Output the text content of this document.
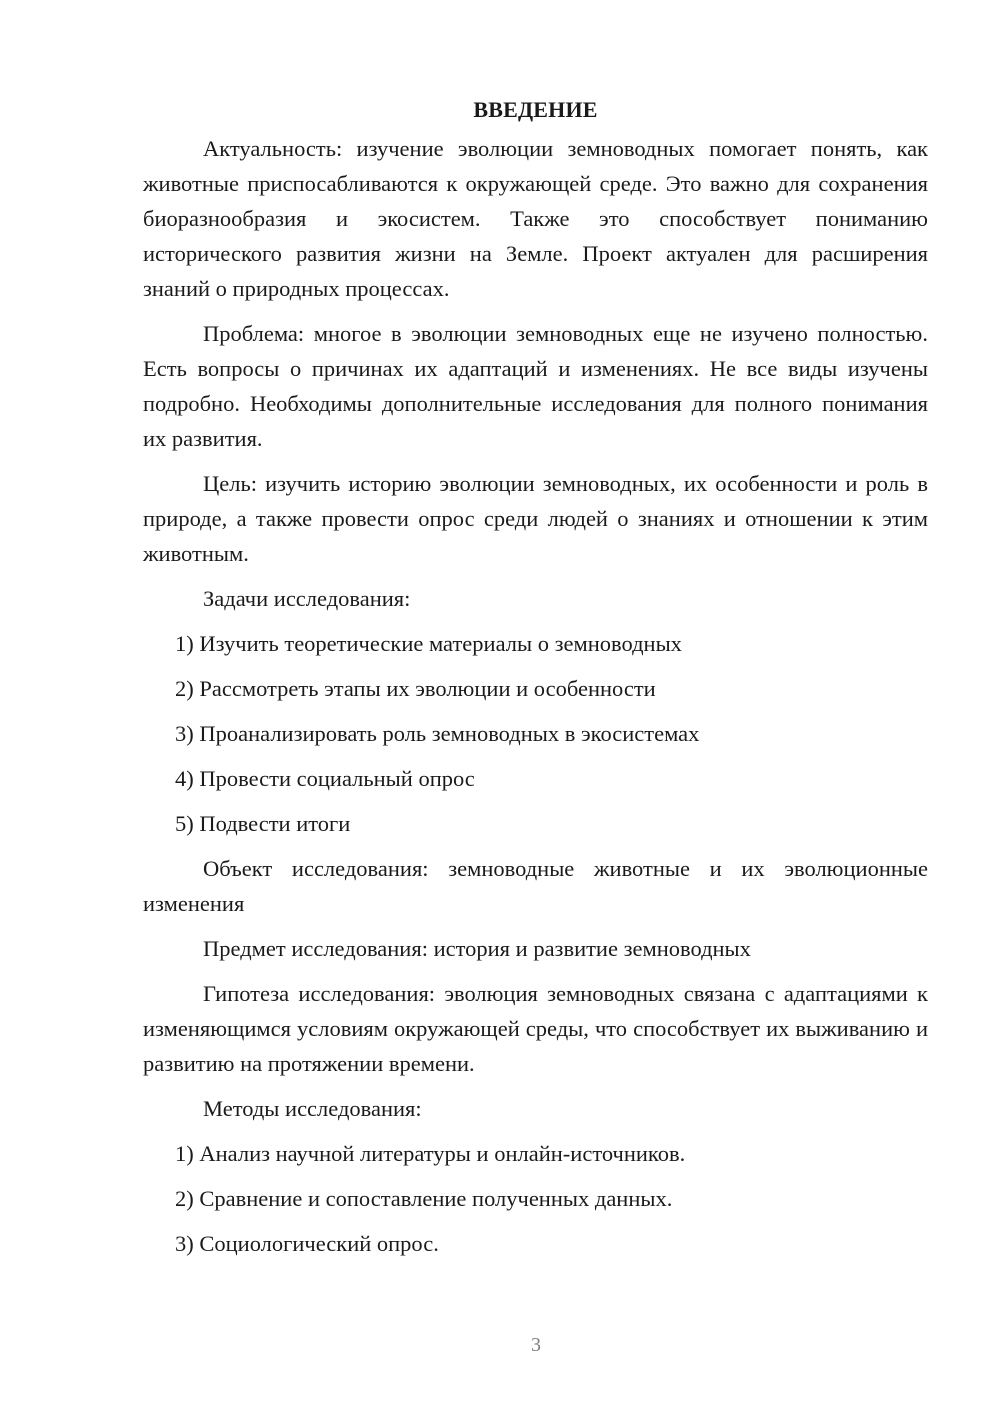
ВВЕДЕНИЕ

Актуальность: изучение эволюции земноводных помогает понять, как животные приспосабливаются к окружающей среде. Это важно для сохранения биоразнообразия и экосистем. Также это способствует пониманию исторического развития жизни на Земле. Проект актуален для расширения знаний о природных процессах.

Проблема: многое в эволюции земноводных еще не изучено полностью. Есть вопросы о причинах их адаптаций и изменениях. Не все виды изучены подробно. Необходимы дополнительные исследования для полного понимания их развития.

Цель: изучить историю эволюции земноводных, их особенности и роль в природе, а также провести опрос среди людей о знаниях и отношении к этим животным.

Задачи исследования:
1) Изучить теоретические материалы о земноводных
2) Рассмотреть этапы их эволюции и особенности
3) Проанализировать роль земноводных в экосистемах
4) Провести социальный опрос
5) Подвести итоги

Объект исследования: земноводные животные и их эволюционные изменения

Предмет исследования: история и развитие земноводных

Гипотеза исследования: эволюция земноводных связана с адаптациями к изменяющимся условиям окружающей среды, что способствует их выживанию и развитию на протяжении времени.

Методы исследования:
1) Анализ научной литературы и онлайн-источников.
2) Сравнение и сопоставление полученных данных.
3) Социологический опрос.
3
